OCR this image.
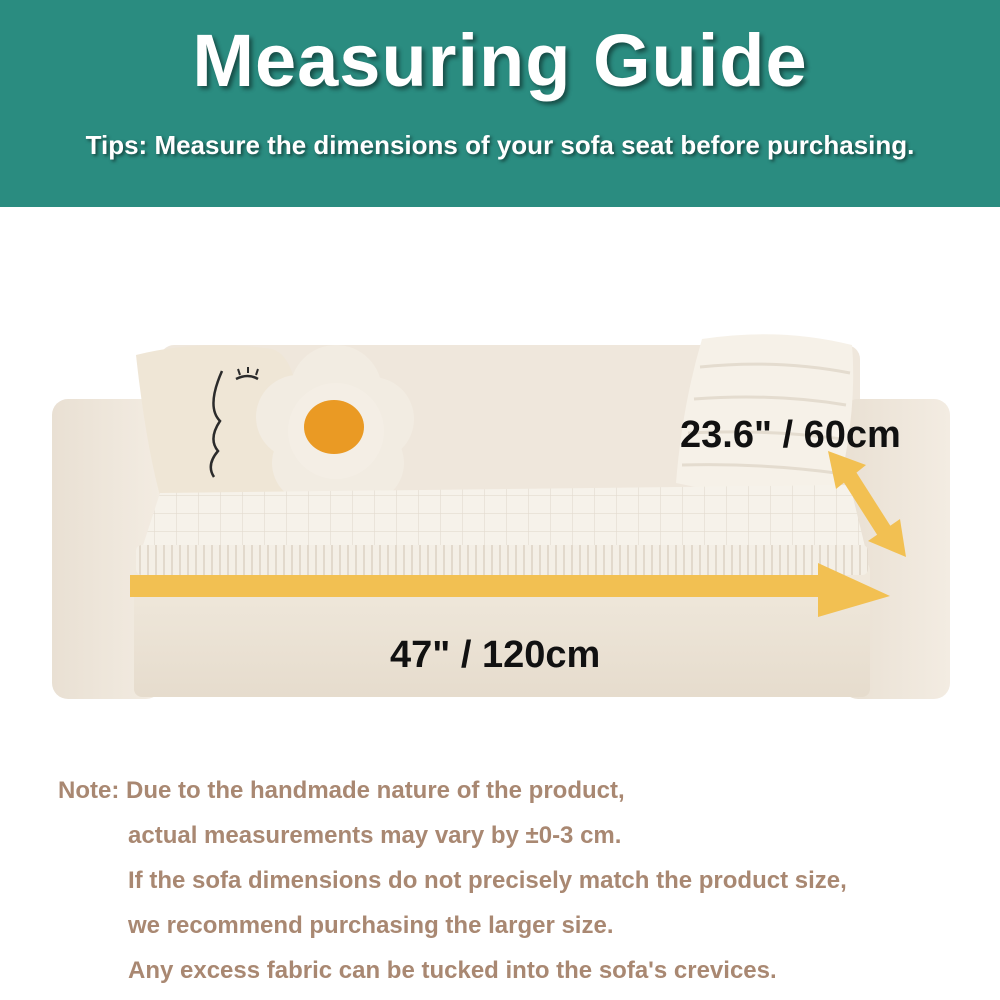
Measuring Guide
Tips: Measure the dimensions of your sofa seat before purchasing.
23.6" / 60cm
47" / 120cm
Note: Due to the handmade nature of the product,
actual measurements may vary by ±0-3 cm.
If the sofa dimensions do not precisely match the product size,
we recommend purchasing the larger size.
Any excess fabric can be tucked into the sofa's crevices.
